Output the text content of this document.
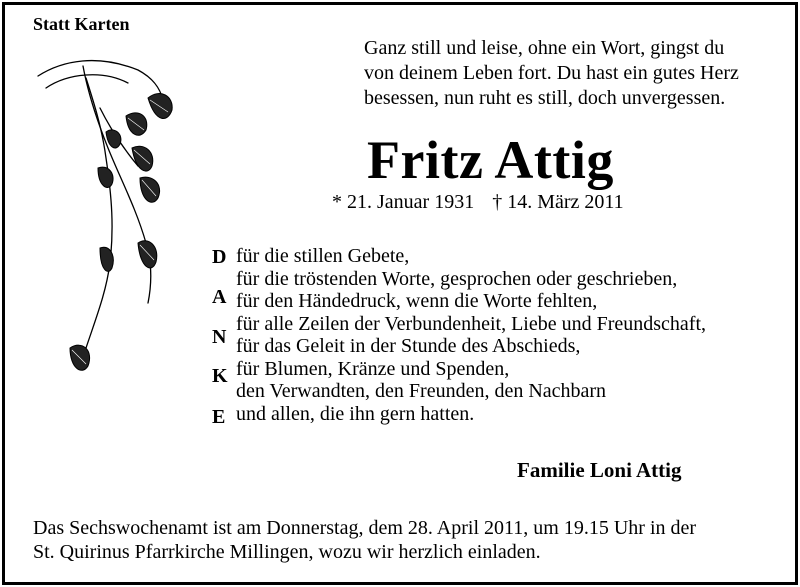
Statt Karten
Ganz still und leise, ohne ein Wort, gingst du
von deinem Leben fort. Du hast ein gutes Herz
besessen, nun ruht es still, doch unvergessen.
Fritz Attig
* 21. Januar 1931 † 14. März 2011
D
A
N
K
E
für die stillen Gebete,
für die tröstenden Worte, gesprochen oder geschrieben,
für den Händedruck, wenn die Worte fehlten,
für alle Zeilen der Verbundenheit, Liebe und Freundschaft,
für das Geleit in der Stunde des Abschieds,
für Blumen, Kränze und Spenden,
den Verwandten, den Freunden, den Nachbarn
und allen, die ihn gern hatten.
Familie Loni Attig
Das Sechswochenamt ist am Donnerstag, dem 28. April 2011, um 19.15 Uhr in der
St. Quirinus Pfarrkirche Millingen, wozu wir herzlich einladen.
